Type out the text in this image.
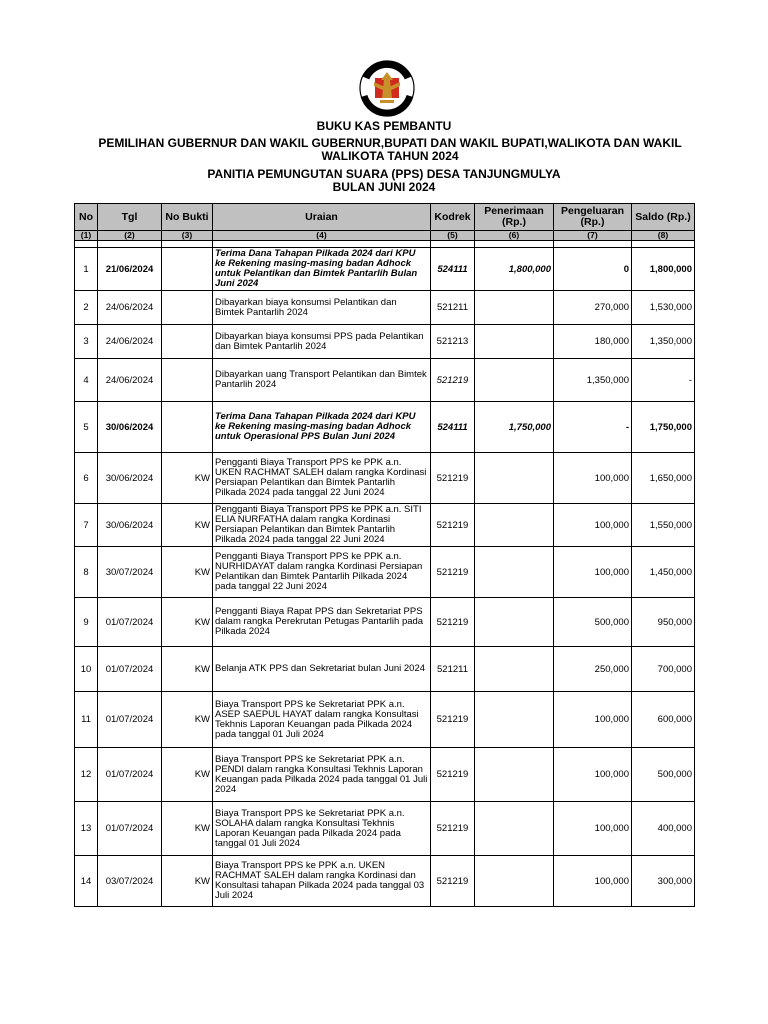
BUKU KAS PEMBANTU
PEMILIHAN GUBERNUR DAN WAKIL GUBERNUR,BUPATI DAN WAKIL BUPATI,WALIKOTA DAN WAKIL WALIKOTA TAHUN 2024
PANITIA PEMUNGUTAN SUARA (PPS) DESA TANJUNGMULYA
BULAN JUNI 2024
No	Tgl	No Bukti	Uraian	Kodrek	Penerimaan (Rp.)	Pengeluaran (Rp.)	Saldo (Rp.)
(1)	(2)	(3)	(4)	(5)	(6)	(7)	(8)

1	21/06/2024		Terima Dana Tahapan Pilkada 2024 dari KPU ke Rekening masing-masing badan Adhock untuk Pelantikan dan Bimtek Pantarlih Bulan Juni 2024	524111	1,800,000	0	1,800,000
2	24/06/2024		Dibayarkan biaya konsumsi Pelantikan dan Bimtek Pantarlih 2024	521211		270,000	1,530,000
3	24/06/2024		Dibayarkan biaya konsumsi PPS pada Pelantikan dan Bimtek Pantarlih 2024	521213		180,000	1,350,000
4	24/06/2024		Dibayarkan uang Transport Pelantikan dan Bimtek Pantarlih 2024	521219		1,350,000	-
5	30/06/2024		Terima Dana Tahapan Pilkada 2024 dari KPU ke Rekening masing-masing badan Adhock untuk Operasional PPS Bulan Juni 2024	524111	1,750,000	-	1,750,000
6	30/06/2024	KW	Pengganti Biaya Transport PPS ke PPK a.n. UKEN RACHMAT SALEH dalam rangka Kordinasi Persiapan Pelantikan dan Bimtek Pantarlih Pilkada 2024 pada tanggal 22 Juni 2024	521219		100,000	1,650,000
7	30/06/2024	KW	Pengganti Biaya Transport PPS ke PPK a.n. SITI ELIA NURFATHA dalam rangka Kordinasi Persiapan Pelantikan dan Bimtek Pantarlih Pilkada 2024 pada tanggal 22 Juni 2024	521219		100,000	1,550,000
8	30/07/2024	KW	Pengganti Biaya Transport PPS ke PPK a.n. NURHIDAYAT dalam rangka Kordinasi Persiapan Pelantikan dan Bimtek Pantarlih Pilkada 2024 pada tanggal 22 Juni 2024	521219		100,000	1,450,000
9	01/07/2024	KW	Pengganti Biaya Rapat PPS dan Sekretariat PPS dalam rangka Perekrutan Petugas Pantarlih pada Pilkada 2024	521219		500,000	950,000
10	01/07/2024	KW	Belanja ATK PPS dan Sekretariat bulan Juni 2024	521211		250,000	700,000
11	01/07/2024	KW	Biaya Transport PPS ke Sekretariat PPK a.n. ASEP SAEPUL HAYAT dalam rangka Konsultasi Tekhnis Laporan Keuangan pada Pilkada 2024 pada tanggal 01 Juli 2024	521219		100,000	600,000
12	01/07/2024	KW	Biaya Transport PPS ke Sekretariat PPK a.n. PENDI dalam rangka Konsultasi Tekhnis Laporan Keuangan pada Pilkada 2024 pada tanggal 01 Juli 2024	521219		100,000	500,000
13	01/07/2024	KW	Biaya Transport PPS ke Sekretariat PPK a.n. SOLAHA dalam rangka Konsultasi Tekhnis Laporan Keuangan pada Pilkada 2024 pada tanggal 01 Juli 2024	521219		100,000	400,000
14	03/07/2024	KW	Biaya Transport PPS ke PPK a.n. UKEN RACHMAT SALEH dalam rangka Kordinasi dan Konsultasi tahapan Pilkada 2024 pada tanggal 03 Juli 2024	521219		100,000	300,000
